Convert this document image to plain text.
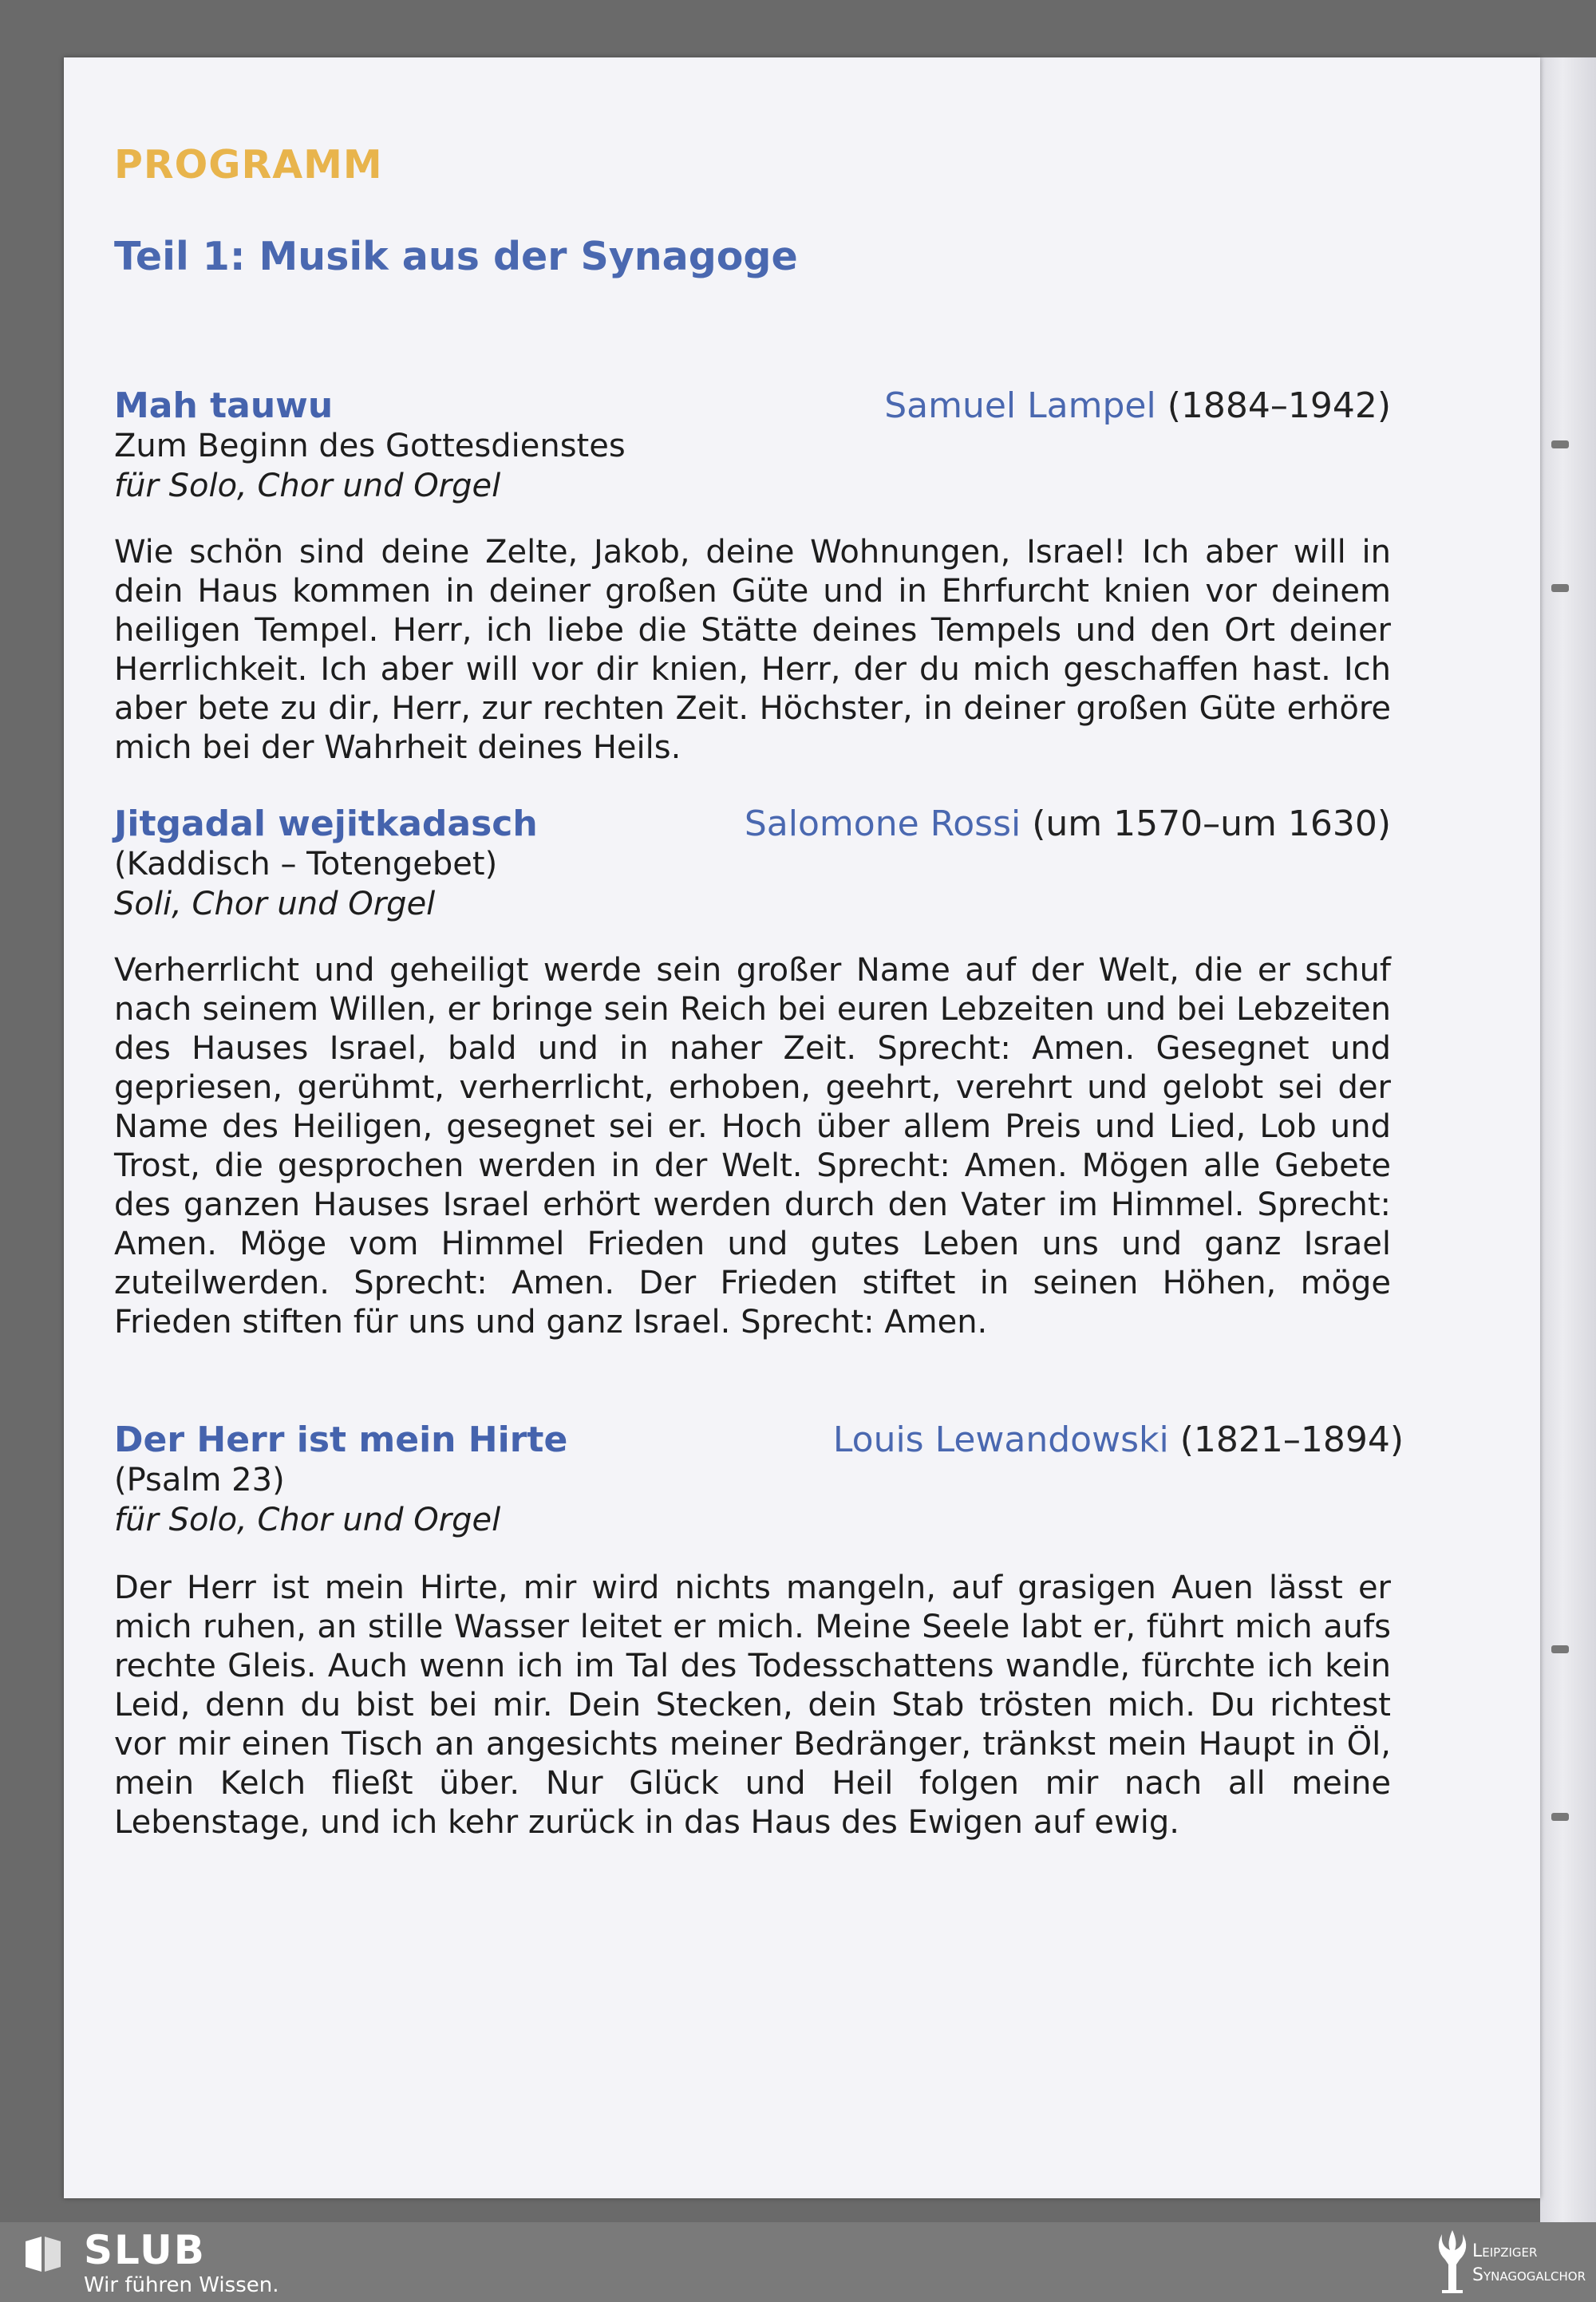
PROGRAMM
Teil 1: Musik aus der Synagoge
Mah tauwu	Samuel Lampel (1884–1942)
Zum Beginn des Gottesdienstes
für Solo, Chor und Orgel
Wie schön sind deine Zelte, Jakob, deine Wohnungen, Israel! Ich aber will in dein Haus kommen in deiner großen Güte und in Ehrfurcht knien vor deinem heiligen Tempel. Herr, ich liebe die Stätte deines Tempels und den Ort deiner Herrlichkeit. Ich aber will vor dir knien, Herr, der du mich geschaffen hast. Ich aber bete zu dir, Herr, zur rechten Zeit. Höchster, in deiner großen Güte erhöre mich bei der Wahrheit deines Heils.
Jitgadal wejitkadasch	Salomone Rossi (um 1570–um 1630)
(Kaddisch – Totengebet)
Soli, Chor und Orgel
Verherrlicht und geheiligt werde sein großer Name auf der Welt, die er schuf nach seinem Willen, er bringe sein Reich bei euren Lebzeiten und bei Lebzeiten des Hauses Israel, bald und in naher Zeit. Sprecht: Amen. Gesegnet und gepriesen, gerühmt, verherrlicht, erhoben, geehrt, verehrt und gelobt sei der Name des Heiligen, gesegnet sei er. Hoch über allem Preis und Lied, Lob und Trost, die gesprochen werden in der Welt. Sprecht: Amen. Mögen alle Gebete des ganzen Hauses Israel erhört werden durch den Vater im Himmel. Sprecht: Amen. Möge vom Himmel Frieden und gutes Leben uns und ganz Israel zuteilwerden. Sprecht: Amen. Der Frieden stiftet in seinen Höhen, möge Frieden stiften für uns und ganz Israel. Sprecht: Amen.
Der Herr ist mein Hirte	Louis Lewandowski (1821–1894)
(Psalm 23)
für Solo, Chor und Orgel
Der Herr ist mein Hirte, mir wird nichts mangeln, auf grasigen Auen lässt er mich ruhen, an stille Wasser leitet er mich. Meine Seele labt er, führt mich aufs rechte Gleis. Auch wenn ich im Tal des Todesschattens wandle, fürchte ich kein Leid, denn du bist bei mir. Dein Stecken, dein Stab trösten mich. Du richtest vor mir einen Tisch an angesichts meiner Bedränger, tränkst mein Haupt in Öl, mein Kelch fließt über. Nur Glück und Heil folgen mir nach all meine Lebenstage, und ich kehr zurück in das Haus des Ewigen auf ewig.
SLUB
Wir führen Wissen.
Leipziger
Synagogalchor
